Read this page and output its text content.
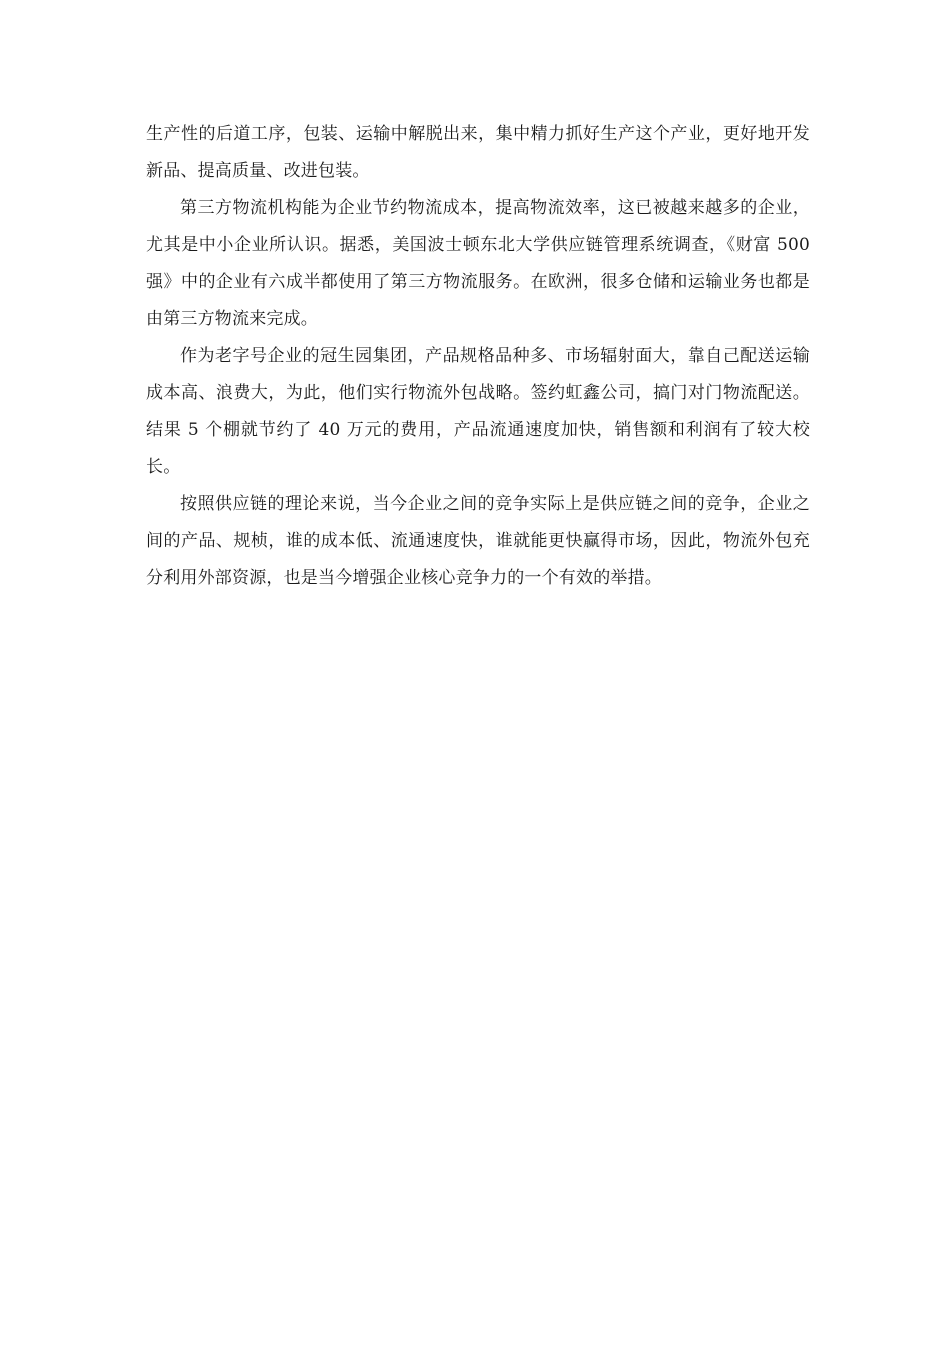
生产性的后道工序，包装、运输中解脱出来，集中精力抓好生产这个产业，更好地开发新品、提高质量、改进包装。

第三方物流机构能为企业节约物流成本，提高物流效率，这已被越来越多的企业，尤其是中小企业所认识。据悉，美国波士顿东北大学供应链管理系统调查，《财富 500 强》中的企业有六成半都使用了第三方物流服务。在欧洲，很多仓储和运输业务也都是由第三方物流来完成。

作为老字号企业的冠生园集团，产品规格品种多、市场辐射面大，靠自己配送运输成本高、浪费大，为此，他们实行物流外包战略。签约虹鑫公司，搞门对门物流配送。结果 5 个棚就节约了 40 万元的费用，产品流通速度加快，销售额和利润有了较大校长。

按照供应链的理论来说，当今企业之间的竞争实际上是供应链之间的竞争，企业之间的产品、规桢，谁的成本低、流通速度快，谁就能更快赢得市场，因此，物流外包充分利用外部资源，也是当今增强企业核心竞争力的一个有效的举措。
